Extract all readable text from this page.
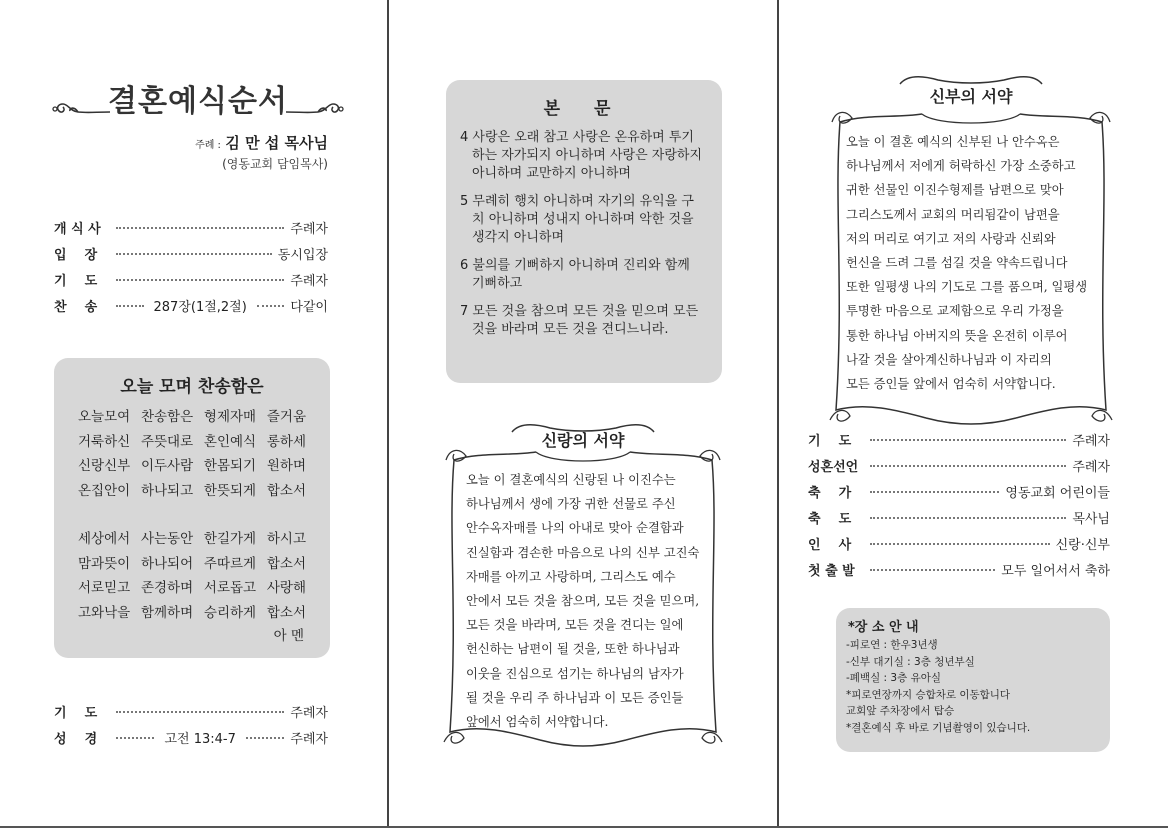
결혼예식순서
주례 : 김 만 섭 목사님
(영동교회 담임목사)
개 식 사	주례자
입    장	동시입장
기    도	주례자
찬    송	287장(1절,2절)	다같이
오늘 모며 찬송함은
오늘모여 찬송함은 형제자매 즐거움
거룩하신 주뜻대로 혼인예식 롱하세
신랑신부 이두사람 한몸되기 원하며
온집안이 하나되고 한뜻되게 합소서
세상에서 사는동안 한길가게 하시고
맘과뜻이 하나되어 주따르게 합소서
서로믿고 존경하며 서로돕고 사랑해
고와낙을 함께하며 승리하게 합소서
아 멘
기    도	주례자
성    경	고전 13:4-7	주례자
본 문
4 사랑은 오래 참고 사랑은 온유하며 투기하는 자가되지 아니하며 사랑은 자랑하지 아니하며 교만하지 아니하며
5 무례히 행치 아니하며 자기의 유익을 구치 아니하며 성내지 아니하며 악한 것을 생각지 아니하며
6 불의를 기뻐하지 아니하며 진리와 함께 기뻐하고
7 모든 것을 참으며 모든 것을 믿으며 모든 것을 바라며 모든 것을 견디느니라.
신랑의 서약
오늘 이 결혼예식의 신랑된 나 이진수는
하나님께서 생에 가장 귀한 선물로 주신
안수옥자매를 나의 아내로 맞아 순결함과
진실함과 겸손한 마음으로 나의 신부 고진숙
자매를 아끼고 사랑하며, 그리스도 예수
안에서 모든 것을 참으며, 모든 것을 믿으며,
모든 것을 바라며, 모든 것을 견디는 일에
헌신하는 남편이 될 것을, 또한 하나님과
이웃을 진심으로 섬기는 하나님의 남자가
될 것을 우리 주 하나님과 이 모든 증인들
앞에서 엄숙히 서약합니다.
신부의 서약
오늘 이 결혼 예식의 신부된 나 안수옥은
하나님께서 저에게 허락하신 가장 소중하고
귀한 선물인 이진수형제를 남편으로 맞아
그리스도께서 교회의 머리됨같이 남편을
저의 머리로 여기고 저의 사랑과 신뢰와
헌신을 드려 그를 섬길 것을 약속드립니다
또한 일평생 나의 기도로 그를 품으며, 일평생
투명한 마음으로 교제함으로 우리 가정을
통한 하나님 아버지의 뜻을 온전히 이루어
나갈 것을 살아계신하나님과 이 자리의
모든 증인들 앞에서 엄숙히 서약합니다.
기    도	주례자
성혼선언	주례자
축    가	영동교회 어린이들
축    도	목사님
인    사	신랑·신부
첫 출 발	모두 일어서서 축하
*장 소 안 내
-피로연 : 한우3년생
-신부 대기실 : 3층 청년부실
-폐백실 : 3층 유아실
*피로연장까지 승합차로 이동합니다
교회앞 주차장에서 탑승
*결혼예식 후 바로 기념촬영이 있습니다.
